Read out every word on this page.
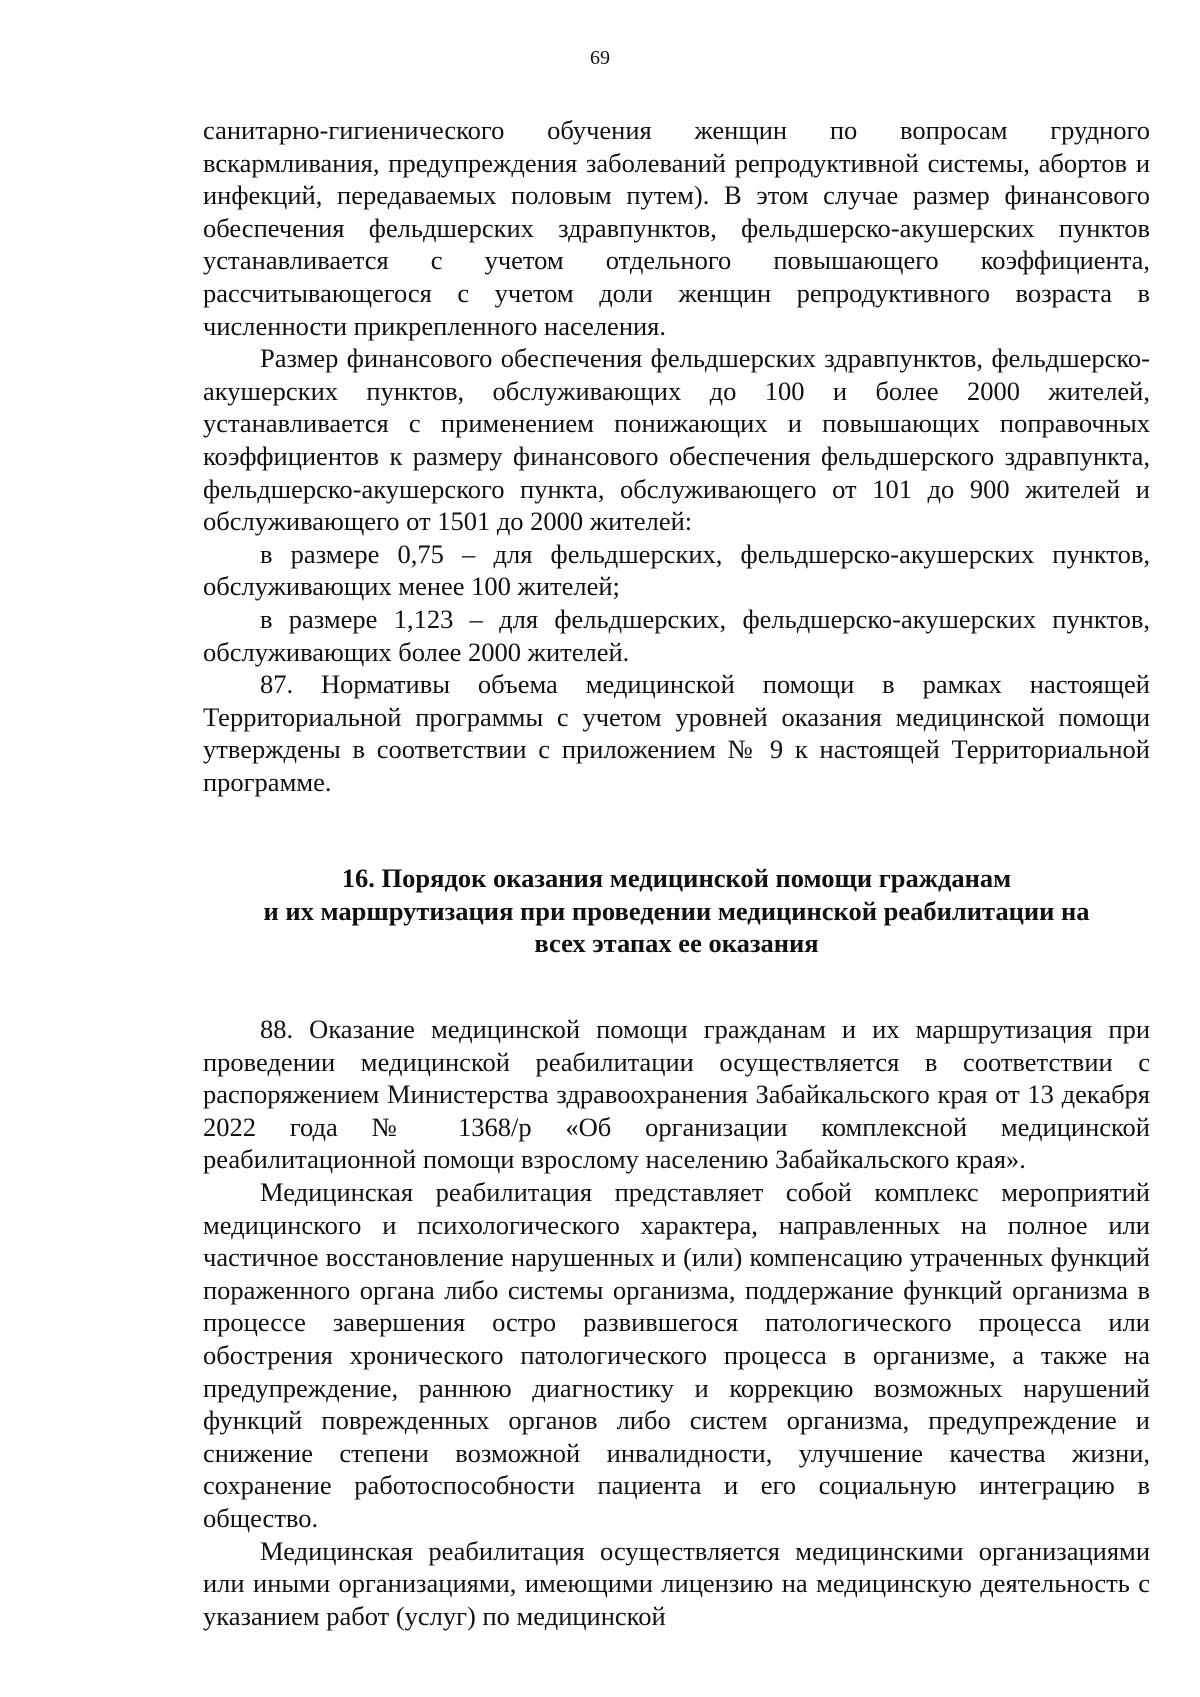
69

санитарно-гигиенического обучения женщин по вопросам грудного вскармливания, предупреждения заболеваний репродуктивной системы, абортов и инфекций, передаваемых половым путем). В этом случае размер финансового обеспечения фельдшерских здравпунктов, фельдшерско-акушерских пунктов устанавливается с учетом отдельного повышающего коэффициента, рассчитывающегося с учетом доли женщин репродуктивного возраста в численности прикрепленного населения.

Размер финансового обеспечения фельдшерских здравпунктов, фельдшерско-акушерских пунктов, обслуживающих до 100 и более 2000 жителей, устанавливается с применением понижающих и повышающих поправочных коэффициентов к размеру финансового обеспечения фельдшерского здравпункта, фельдшерско-акушерского пункта, обслуживающего от 101 до 900 жителей и обслуживающего от 1501 до 2000 жителей:

в размере 0,75 – для фельдшерских, фельдшерско-акушерских пунктов, обслуживающих менее 100 жителей;

в размере 1,123 – для фельдшерских, фельдшерско-акушерских пунктов, обслуживающих более 2000 жителей.

87. Нормативы объема медицинской помощи в рамках настоящей Территориальной программы с учетом уровней оказания медицинской помощи утверждены в соответствии с приложением № 9 к настоящей Территориальной программе.

16. Порядок оказания медицинской помощи гражданам

и их маршрутизация при проведении медицинской реабилитации на

всех этапах ее оказания

88. Оказание медицинской помощи гражданам и их маршрутизация при проведении медицинской реабилитации осуществляется в соответствии с распоряжением Министерства здравоохранения Забайкальского края от 13 декабря 2022 года № 1368/р «Об организации комплексной медицинской реабилитационной помощи взрослому населению Забайкальского края».

Медицинская реабилитация представляет собой комплекс мероприятий медицинского и психологического характера, направленных на полное или частичное восстановление нарушенных и (или) компенсацию утраченных функций пораженного органа либо системы организма, поддержание функций организма в процессе завершения остро развившегося патологического процесса или обострения хронического патологического процесса в организме, а также на предупреждение, раннюю диагностику и коррекцию возможных нарушений функций поврежденных органов либо систем организма, предупреждение и снижение степени возможной инвалидности, улучшение качества жизни, сохранение работоспособности пациента и его социальную интеграцию в общество.

Медицинская реабилитация осуществляется медицинскими организациями или иными организациями, имеющими лицензию на медицинскую деятельность с указанием работ (услуг) по медицинской
